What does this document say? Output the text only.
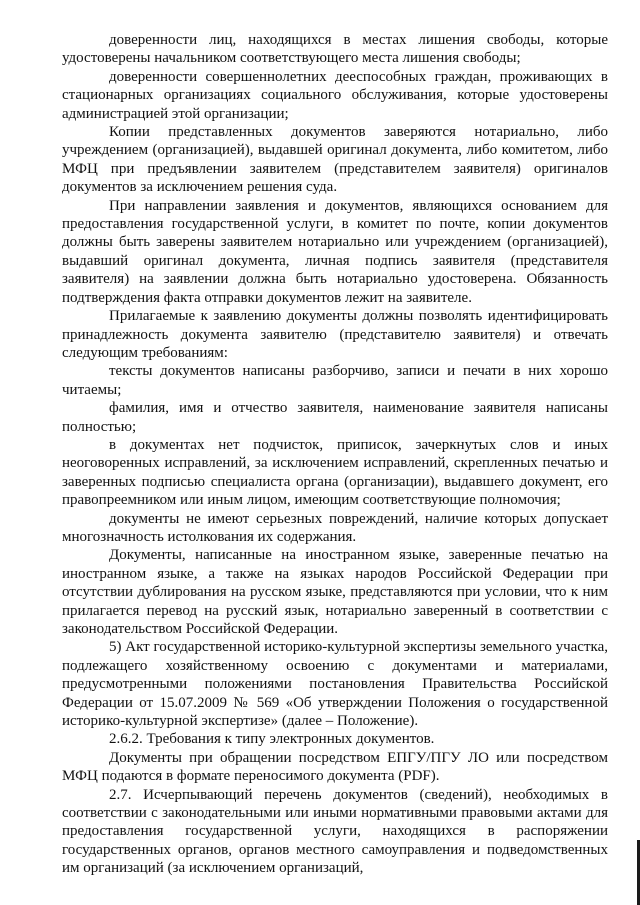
доверенности лиц, находящихся в местах лишения свободы, которые удостоверены начальником соответствующего места лишения свободы;

доверенности совершеннолетних дееспособных граждан, проживающих в стационарных организациях социального обслуживания, которые удостоверены администрацией этой организации;

Копии представленных документов заверяются нотариально, либо учреждением (организацией), выдавшей оригинал документа, либо комитетом, либо МФЦ при предъявлении заявителем (представителем заявителя) оригиналов документов за исключением решения суда.

При направлении заявления и документов, являющихся основанием для предоставления государственной услуги, в комитет по почте, копии документов должны быть заверены заявителем нотариально или учреждением (организацией), выдавший оригинал документа, личная подпись заявителя (представителя заявителя) на заявлении должна быть нотариально удостоверена. Обязанность подтверждения факта отправки документов лежит на заявителе.

Прилагаемые к заявлению документы должны позволять идентифицировать принадлежность документа заявителю (представителю заявителя) и отвечать следующим требованиям:

тексты документов написаны разборчиво, записи и печати в них хорошо читаемы;

фамилия, имя и отчество заявителя, наименование заявителя написаны полностью;

в документах нет подчисток, приписок, зачеркнутых слов и иных неоговоренных исправлений, за исключением исправлений, скрепленных печатью и заверенных подписью специалиста органа (организации), выдавшего документ, его правопреемником или иным лицом, имеющим соответствующие полномочия;

документы не имеют серьезных повреждений, наличие которых допускает многозначность истолкования их содержания.

Документы, написанные на иностранном языке, заверенные печатью на иностранном языке, а также на языках народов Российской Федерации при отсутствии дублирования на русском языке, представляются при условии, что к ним прилагается перевод на русский язык, нотариально заверенный в соответствии с законодательством Российской Федерации.

5) Акт государственной историко-культурной экспертизы земельного участка, подлежащего хозяйственному освоению с документами и материалами, предусмотренными положениями постановления Правительства Российской Федерации от 15.07.2009 № 569 «Об утверждении Положения о государственной историко-культурной экспертизе» (далее – Положение).

2.6.2. Требования к типу электронных документов.

Документы при обращении посредством ЕПГУ/ПГУ ЛО или посредством МФЦ подаются в формате переносимого документа (PDF).

2.7. Исчерпывающий перечень документов (сведений), необходимых в соответствии с законодательными или иными нормативными правовыми актами для предоставления государственной услуги, находящихся в распоряжении государственных органов, органов местного самоуправления и подведомственных им организаций (за исключением организаций,
